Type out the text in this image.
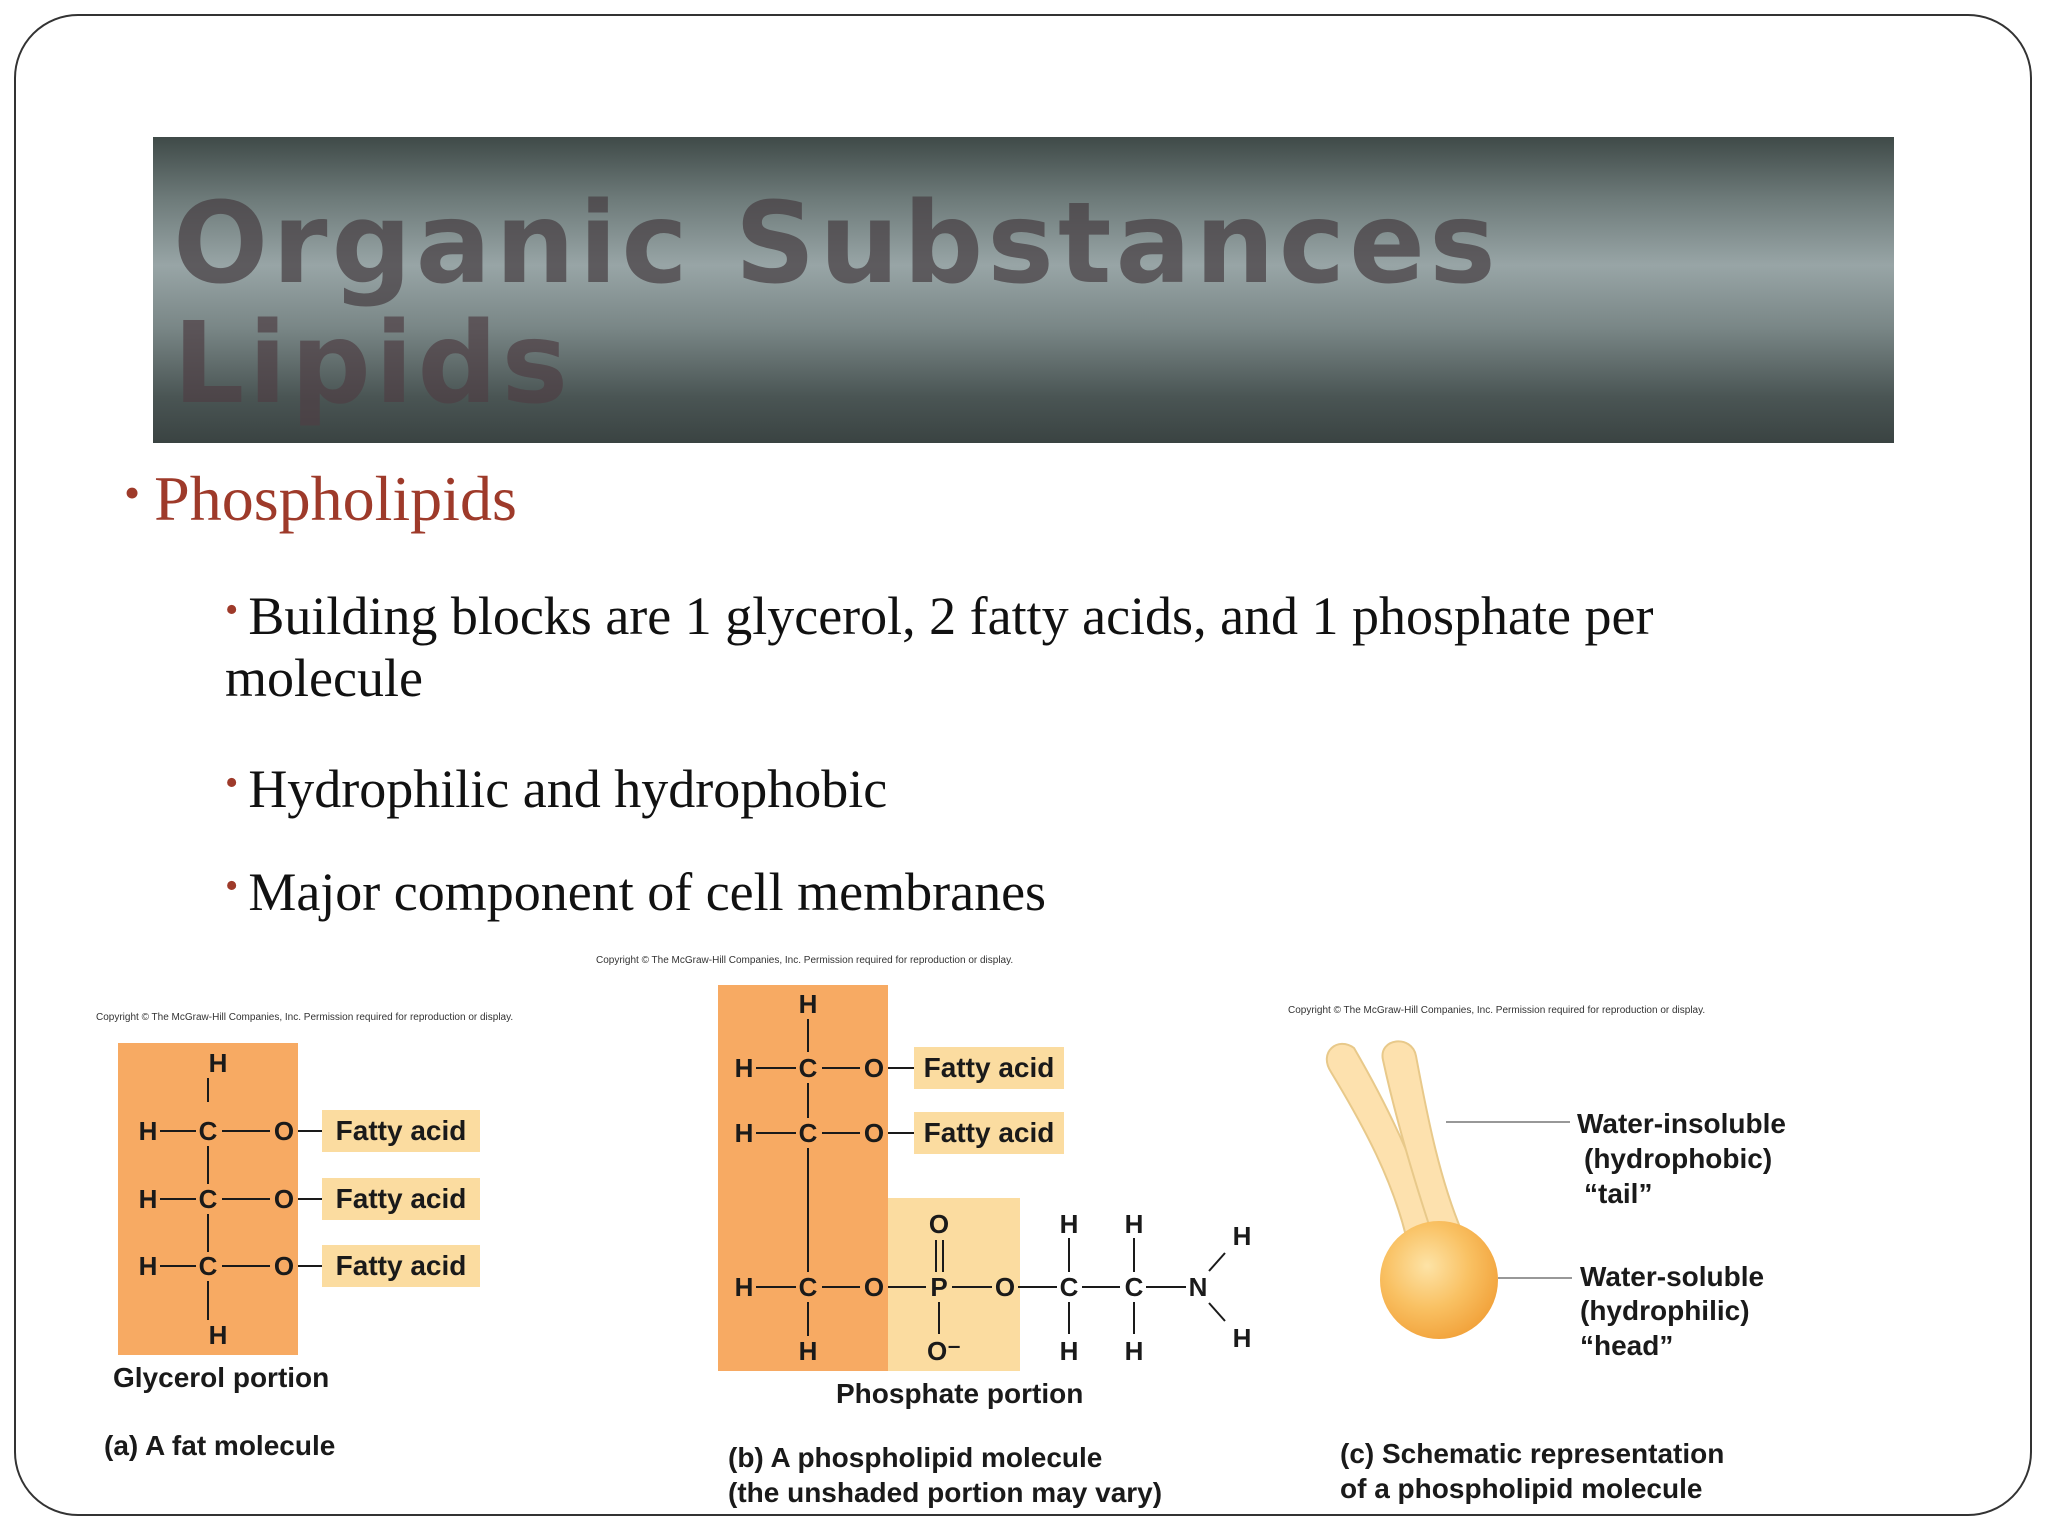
Organic Substances
Lipids
• Phospholipids
• Building blocks are 1 glycerol, 2 fatty acids, and 1 phosphate per
molecule
• Hydrophilic and hydrophobic
• Major component of cell membranes
Copyright © The McGraw-Hill Companies, Inc. Permission required for reproduction or display.
Copyright © The McGraw-Hill Companies, Inc. Permission required for reproduction or display.
Copyright © The McGraw-Hill Companies, Inc. Permission required for reproduction or display.
H
H C O
H C O
H C O
H
Fatty acid
Fatty acid
Fatty acid
Glycerol portion
(a) A fat molecule
H
H C O
H C O
H C O
H
O
P
O⁻
O
H
C
H
H
C
H
N
H
H
Fatty acid
Fatty acid
Phosphate portion
(b) A phospholipid molecule
(the unshaded portion may vary)
Water-insoluble
(hydrophobic)
“tail”
Water-soluble
(hydrophilic)
“head”
(c) Schematic representation
of a phospholipid molecule
